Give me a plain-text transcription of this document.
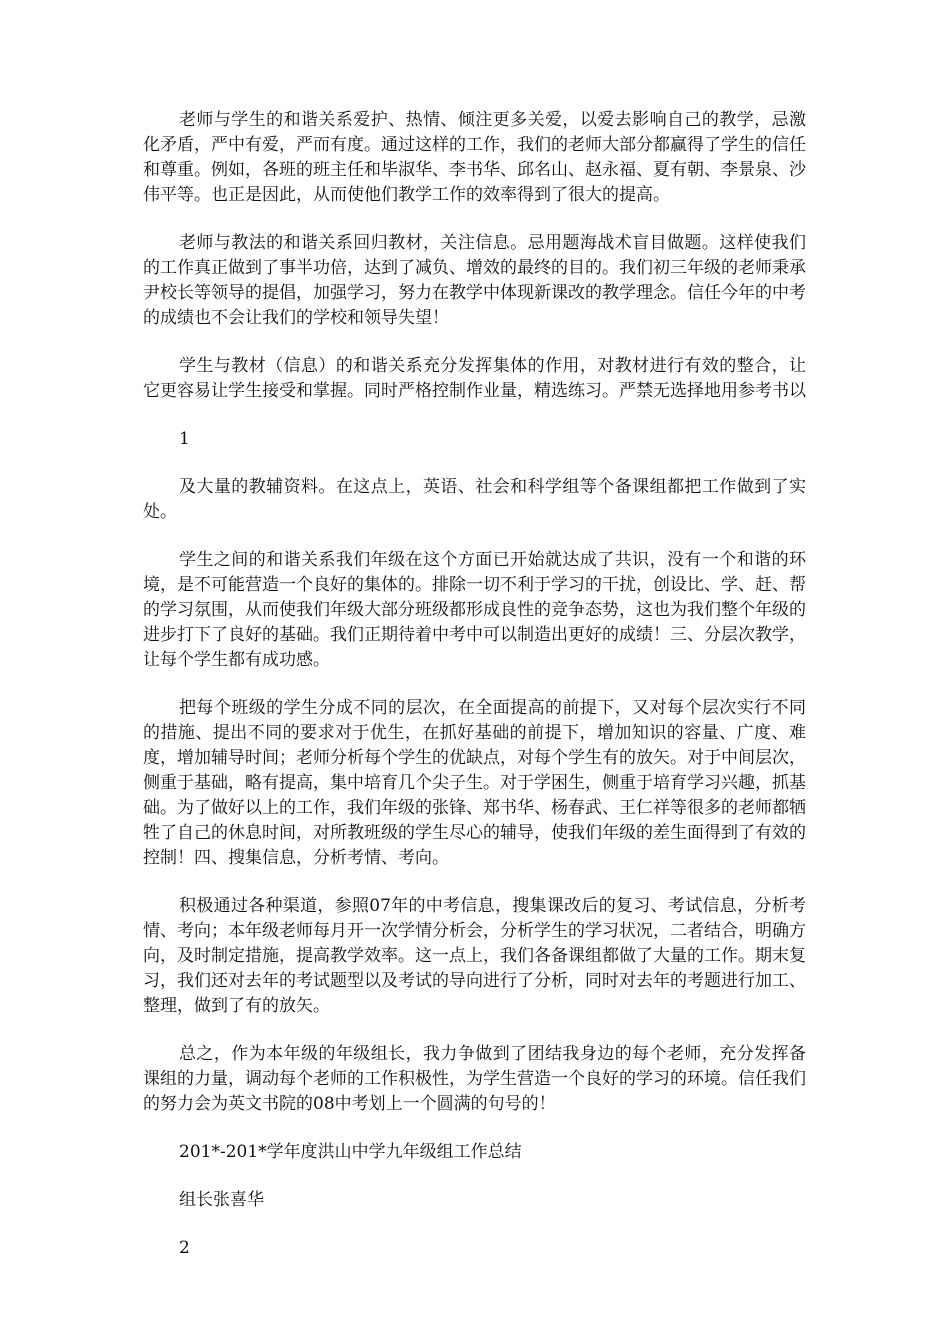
老师与学生的和谐关系爱护、热情、倾注更多关爱，以爱去影响自己的教学，忌激化矛盾，严中有爱，严而有度。通过这样的工作，我们的老师大部分都赢得了学生的信任和尊重。例如，各班的班主任和毕淑华、李书华、邱名山、赵永福、夏有朝、李景泉、沙伟平等。也正是因此，从而使他们教学工作的效率得到了很大的提高。

老师与教法的和谐关系回归教材，关注信息。忌用题海战术盲目做题。这样使我们的工作真正做到了事半功倍，达到了减负、增效的最终的目的。我们初三年级的老师秉承尹校长等领导的提倡，加强学习，努力在教学中体现新课改的教学理念。信任今年的中考的成绩也不会让我们的学校和领导失望！

学生与教材（信息）的和谐关系充分发挥集体的作用，对教材进行有效的整合，让它更容易让学生接受和掌握。同时严格控制作业量，精选练习。严禁无选择地用参考书以

1

及大量的教辅资料。在这点上，英语、社会和科学组等个备课组都把工作做到了实处。

学生之间的和谐关系我们年级在这个方面已开始就达成了共识，没有一个和谐的环境，是不可能营造一个良好的集体的。排除一切不利于学习的干扰，创设比、学、赶、帮的学习氛围，从而使我们年级大部分班级都形成良性的竞争态势，这也为我们整个年级的进步打下了良好的基础。我们正期待着中考中可以制造出更好的成绩！三、分层次教学，让每个学生都有成功感。

把每个班级的学生分成不同的层次，在全面提高的前提下，又对每个层次实行不同的措施、提出不同的要求对于优生，在抓好基础的前提下，增加知识的容量、广度、难度，增加辅导时间；老师分析每个学生的优缺点，对每个学生有的放矢。对于中间层次，侧重于基础，略有提高，集中培育几个尖子生。对于学困生，侧重于培育学习兴趣，抓基础。为了做好以上的工作，我们年级的张锋、郑书华、杨春武、王仁祥等很多的老师都牺牲了自己的休息时间，对所教班级的学生尽心的辅导，使我们年级的差生面得到了有效的控制！四、搜集信息，分析考情、考向。

积极通过各种渠道，参照07年的中考信息，搜集课改后的复习、考试信息，分析考情、考向；本年级老师每月开一次学情分析会，分析学生的学习状况，二者结合，明确方向，及时制定措施，提高教学效率。这一点上，我们各备课组都做了大量的工作。期末复习，我们还对去年的考试题型以及考试的导向进行了分析，同时对去年的考题进行加工、整理，做到了有的放矢。

总之，作为本年级的年级组长，我力争做到了团结我身边的每个老师，充分发挥备课组的力量，调动每个老师的工作积极性，为学生营造一个良好的学习的环境。信任我们的努力会为英文书院的08中考划上一个圆满的句号的！

201*-201*学年度洪山中学九年级组工作总结

组长张喜华

2
